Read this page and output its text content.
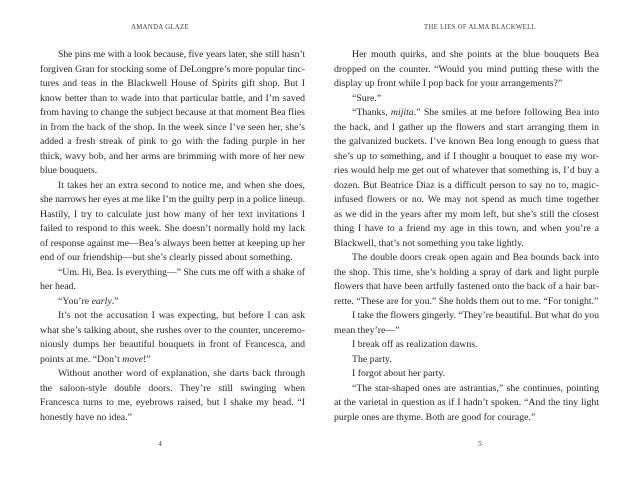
AMANDA GLAZE
She pins me with a look because, five years later, she still hasn’t
forgiven Gran for stocking some of DeLongpre’s more popular tinc-
tures and teas in the Blackwell House of Spirits gift shop. But I
know better than to wade into that particular battle, and I’m saved
from having to change the subject because at that moment Bea flies
in from the back of the shop. In the week since I’ve seen her, she’s
added a fresh streak of pink to go with the fading purple in her
thick, wavy bob, and her arms are brimming with more of her new
blue bouquets.
It takes her an extra second to notice me, and when she does,
she narrows her eyes at me like I’m the guilty perp in a police lineup.
Hastily, I try to calculate just how many of her text invitations I
failed to respond to this week. She doesn’t normally hold my lack
of response against me—Bea’s always been better at keeping up her
end of our friendship—but she’s clearly pissed about something.
“Um. Hi, Bea. Is everything—” She cuts me off with a shake of
her head.
“You’re early.”
It’s not the accusation I was expecting, but before I can ask
what she’s talking about, she rushes over to the counter, unceremo-
niously dumps her beautiful bouquets in front of Francesca, and
points at me. “Don’t move!”
Without another word of explanation, she darts back through
the saloon-style double doors. They’re still swinging when
Francesca turns to me, eyebrows raised, but I shake my head. “I
honestly have no idea.”
4
THE LIES OF ALMA BLACKWELL
Her mouth quirks, and she points at the blue bouquets Bea
dropped on the counter. “Would you mind putting these with the
display up front while I pop back for your arrangements?”
“Sure.”
“Thanks, mijita.” She smiles at me before following Bea into
the back, and I gather up the flowers and start arranging them in
the galvanized buckets. I’ve known Bea long enough to guess that
she’s up to something, and if I thought a bouquet to ease my wor-
ries would help me get out of whatever that something is, I’d buy a
dozen. But Beatrice Diaz is a difficult person to say no to, magic-
infused flowers or no. We may not spend as much time together
as we did in the years after my mom left, but she’s still the closest
thing I have to a friend my age in this town, and when you’re a
Blackwell, that’s not something you take lightly.
The double doors creak open again and Bea bounds back into
the shop. This time, she’s holding a spray of dark and light purple
flowers that have been artfully fastened onto the back of a hair bar-
rette. “These are for you.” She holds them out to me. “For tonight.”
I take the flowers gingerly. “They’re beautiful. But what do you
mean they’re—”
I break off as realization dawns.
The party.
I forgot about her party.
“The star-shaped ones are astrantias,” she continues, pointing
at the varietal in question as if I hadn’t spoken. “And the tiny light
purple ones are thyme. Both are good for courage.”
5
